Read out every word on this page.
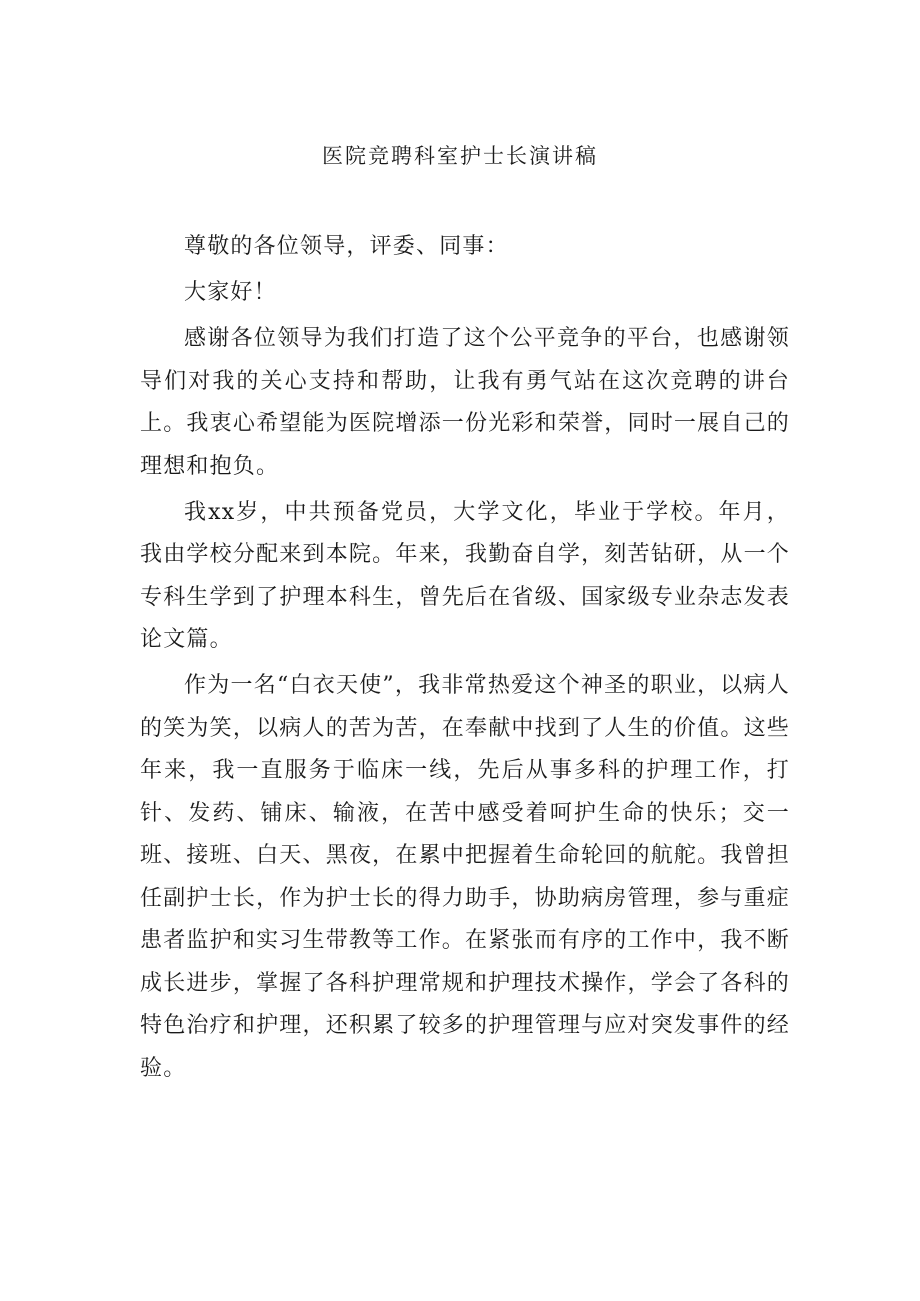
医院竞聘科室护士长演讲稿

尊敬的各位领导，评委、同事：

大家好！

感谢各位领导为我们打造了这个公平竞争的平台，也感谢领导们对我的关心支持和帮助，让我有勇气站在这次竞聘的讲台上。我衷心希望能为医院增添一份光彩和荣誉，同时一展自己的理想和抱负。

我xx岁，中共预备党员，大学文化，毕业于学校。年月，我由学校分配来到本院。年来，我勤奋自学，刻苦钻研，从一个专科生学到了护理本科生，曾先后在省级、国家级专业杂志发表论文篇。

作为一名“白衣天使”，我非常热爱这个神圣的职业，以病人的笑为笑，以病人的苦为苦，在奉献中找到了人生的价值。这些年来，我一直服务于临床一线，先后从事多科的护理工作，打针、发药、铺床、输液，在苦中感受着呵护生命的快乐；交一班、接班、白天、黑夜，在累中把握着生命轮回的航舵。我曾担任副护士长，作为护士长的得力助手，协助病房管理，参与重症患者监护和实习生带教等工作。在紧张而有序的工作中，我不断成长进步，掌握了各科护理常规和护理技术操作，学会了各科的特色治疗和护理，还积累了较多的护理管理与应对突发事件的经验。
